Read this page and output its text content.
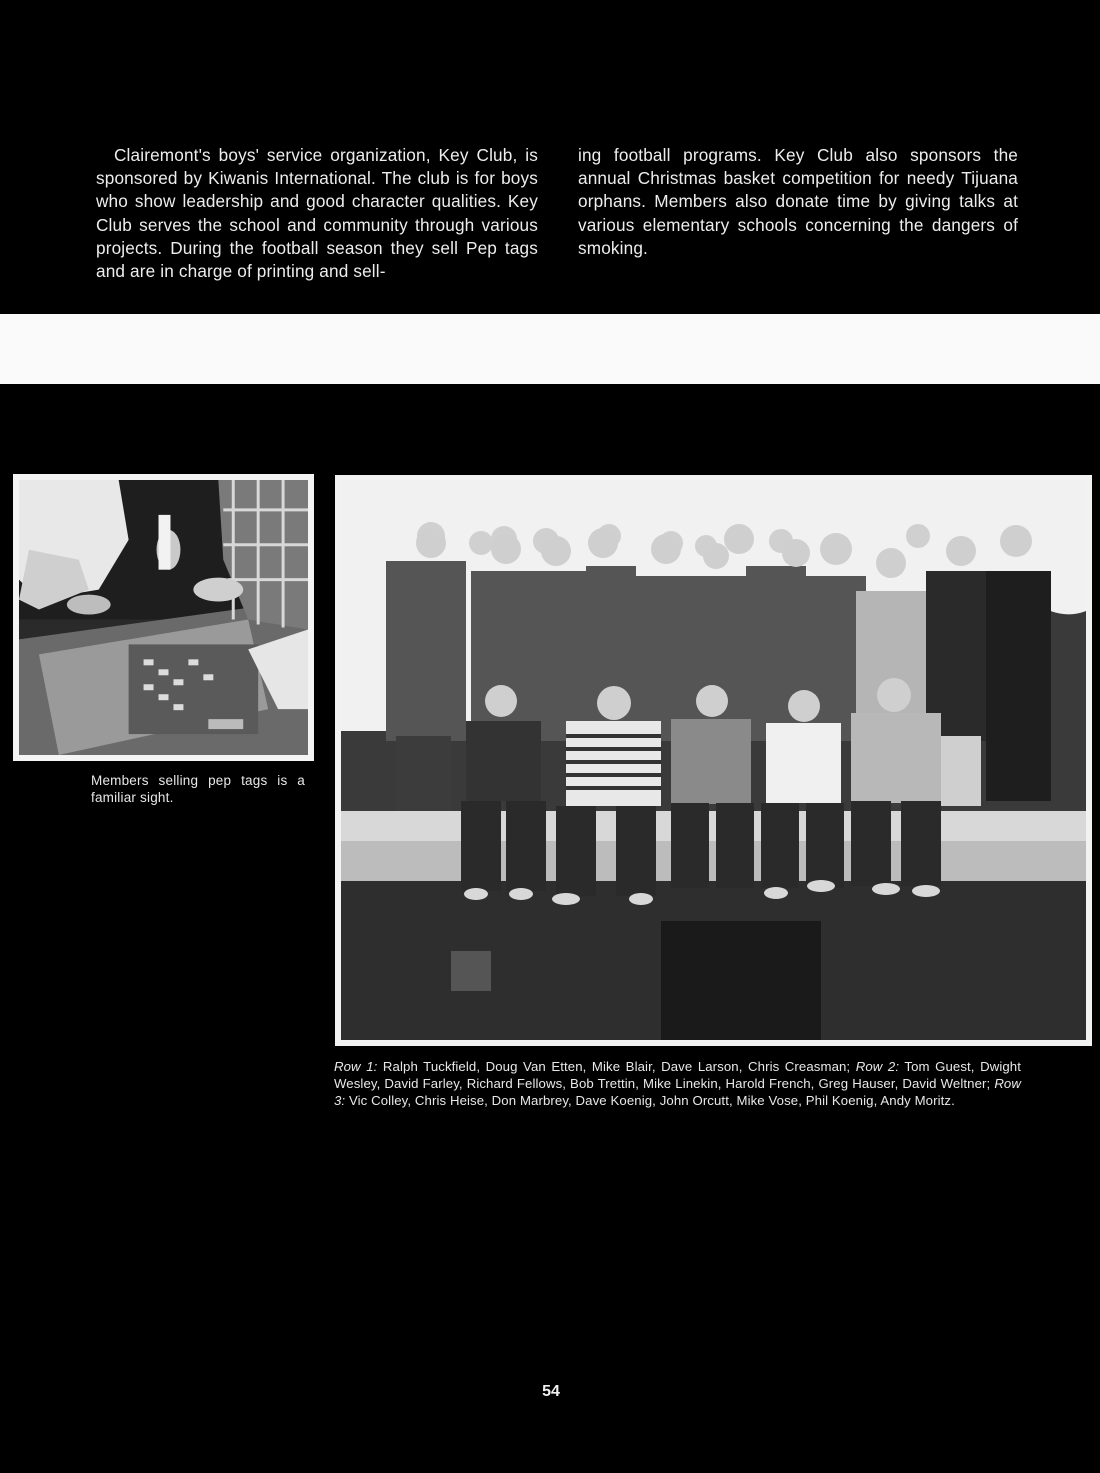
Clairemont's boys' service organization, Key Club, is sponsored by Kiwanis International. The club is for boys who show leadership and good character qualities. Key Club serves the school and community through various projects. During the football season they sell Pep tags and are in charge of printing and sell-

ing football programs. Key Club also sponsors the annual Christmas basket competition for needy Tijuana orphans. Members also donate time by giving talks at various elementary schools concerning the dangers of smoking.

Members selling pep tags is a familiar sight.

Row 1: Ralph Tuckfield, Doug Van Etten, Mike Blair, Dave Larson, Chris Creasman; Row 2: Tom Guest, Dwight Wesley, David Farley, Richard Fellows, Bob Trettin, Mike Linekin, Harold French, Greg Hauser, David Weltner; Row 3: Vic Colley, Chris Heise, Don Marbrey, Dave Koenig, John Orcutt, Mike Vose, Phil Koenig, Andy Moritz.

54
